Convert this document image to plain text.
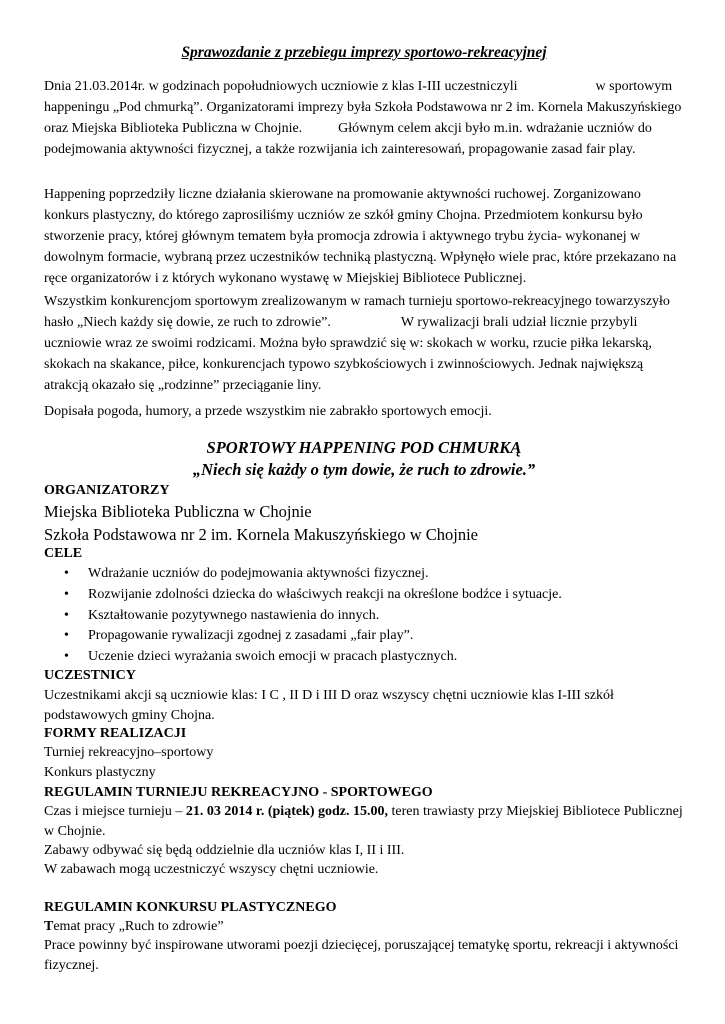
Sprawozdanie z przebiegu imprezy sportowo-rekreacyjnej

Dnia 21.03.2014r. w godzinach popołudniowych uczniowie z klas I-III uczestniczyli	w sportowym happeningu „Pod chmurką”. Organizatorami imprezy była Szkoła Podstawowa nr 2 im. Kornela Makuszyńskiego oraz Miejska Biblioteka Publiczna w Chojnie.	Głównym celem akcji było m.in. wdrażanie uczniów do podejmowania aktywności fizycznej, a także rozwijania ich zainteresowań, propagowanie zasad fair play.

Happening poprzedziły liczne działania skierowane na promowanie aktywności ruchowej. Zorganizowano konkurs plastyczny, do którego zaprosiliśmy uczniów ze szkół gminy Chojna. Przedmiotem konkursu było stworzenie pracy, której głównym tematem była promocja zdrowia i aktywnego trybu życia- wykonanej w dowolnym formacie, wybraną przez uczestników techniką plastyczną. Wpłynęło wiele prac, które przekazano na ręce organizatorów i z których wykonano wystawę w Miejskiej Bibliotece Publicznej.

Wszystkim konkurencjom sportowym zrealizowanym w ramach turnieju sportowo-rekreacyjnego towarzyszyło hasło „Niech każdy się dowie, ze ruch to zdrowie”.	W rywalizacji brali udział licznie przybyli uczniowie wraz ze swoimi rodzicami. Można było sprawdzić się w: skokach w worku, rzucie piłka lekarską, skokach na skakance, piłce, konkurencjach typowo szybkościowych i zwinnościowych. Jednak największą atrakcją okazało się „rodzinne” przeciąganie liny.

Dopisała pogoda, humory, a przede wszystkim nie zabrakło sportowych emocji.

SPORTOWY HAPPENING POD CHMURKĄ
„Niech się każdy o tym dowie, że ruch to zdrowie.”

ORGANIZATORZY

Miejska Biblioteka Publiczna w Chojnie

Szkoła Podstawowa nr 2 im. Kornela Makuszyńskiego w Chojnie

CELE

• Wdrażanie uczniów do podejmowania aktywności fizycznej.
• Rozwijanie zdolności dziecka do właściwych reakcji na określone bodźce i sytuacje.
• Kształtowanie pozytywnego nastawienia do innych.
• Propagowanie rywalizacji zgodnej z zasadami „fair play”.
• Uczenie dzieci wyrażania swoich emocji w pracach plastycznych.

UCZESTNICY

Uczestnikami akcji są uczniowie klas: I C , II D i III D oraz wszyscy chętni uczniowie klas I-III szkół podstawowych gminy Chojna.

FORMY REALIZACJI

Turniej rekreacyjno–sportowy

Konkurs plastyczny

REGULAMIN TURNIEJU REKREACYJNO - SPORTOWEGO

Czas i miejsce turnieju – 21. 03 2014 r. (piątek) godz. 15.00, teren trawiasty przy Miejskiej Bibliotece Publicznej w Chojnie.

Zabawy odbywać się będą oddzielnie dla uczniów klas I, II i III.

W zabawach mogą uczestniczyć wszyscy chętni uczniowie.

REGULAMIN KONKURSU PLASTYCZNEGO

Temat pracy „Ruch to zdrowie”

Prace powinny być inspirowane utworami poezji dziecięcej, poruszającej tematykę sportu, rekreacji i aktywności fizycznej.
